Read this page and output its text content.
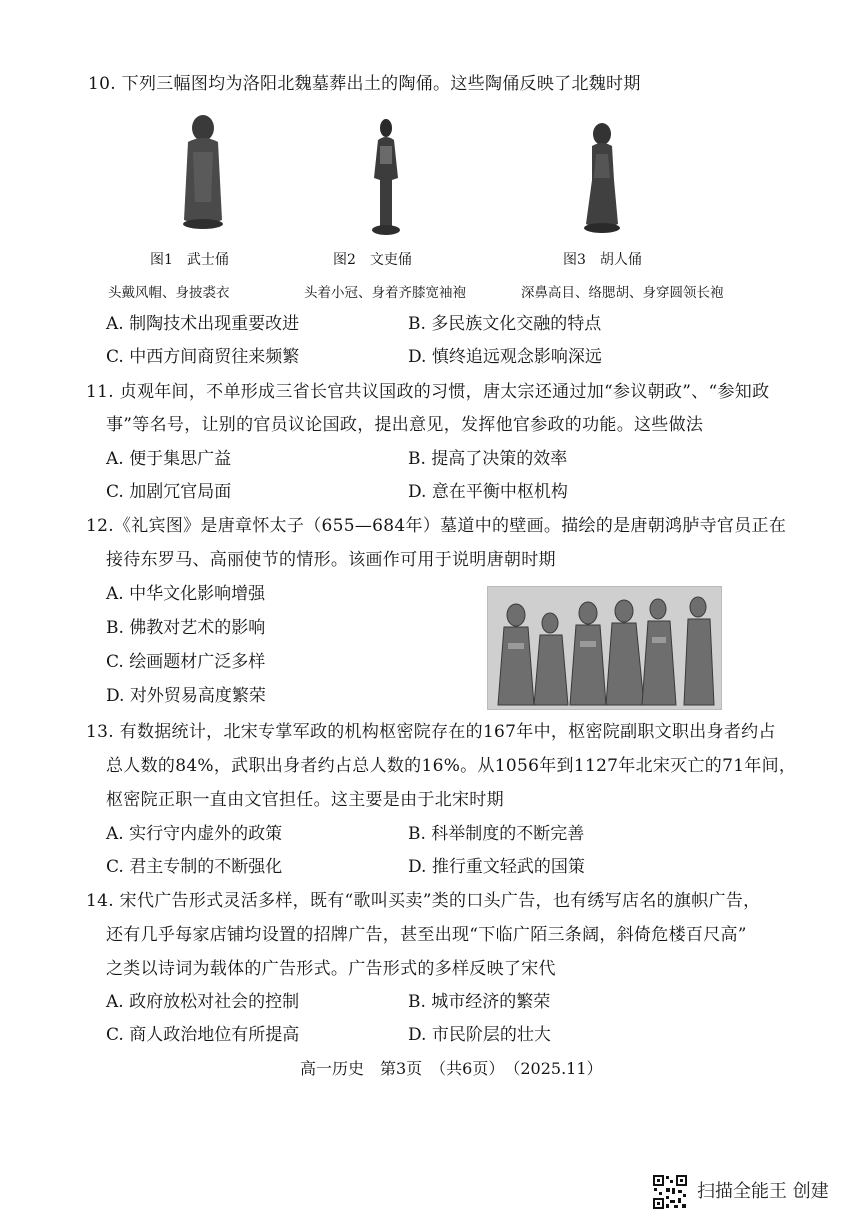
10. 下列三幅图均为洛阳北魏墓葬出土的陶俑。这些陶俑反映了北魏时期
图1　武士俑	图2　文吏俑	图3　胡人俑
头戴风帽、身披裘衣	头着小冠、身着齐膝宽袖袍	深鼻高目、络腮胡、身穿圆领长袍
A. 制陶技术出现重要改进	B. 多民族文化交融的特点
C. 中西方间商贸往来频繁	D. 慎终追远观念影响深远
11. 贞观年间，不单形成三省长官共议国政的习惯，唐太宗还通过加“参议朝政”、“参知政
事”等名号，让别的官员议论国政，提出意见，发挥他官参政的功能。这些做法
A. 便于集思广益	B. 提高了决策的效率
C. 加剧冗官局面	D. 意在平衡中枢机构
12.《礼宾图》是唐章怀太子（655—684年）墓道中的壁画。描绘的是唐朝鸿胪寺官员正在
接待东罗马、高丽使节的情形。该画作可用于说明唐朝时期
A. 中华文化影响增强
B. 佛教对艺术的影响
C. 绘画题材广泛多样
D. 对外贸易高度繁荣
13. 有数据统计，北宋专掌军政的机构枢密院存在的167年中，枢密院副职文职出身者约占
总人数的84%，武职出身者约占总人数的16%。从1056年到1127年北宋灭亡的71年间，
枢密院正职一直由文官担任。这主要是由于北宋时期
A. 实行守内虚外的政策	B. 科举制度的不断完善
C. 君主专制的不断强化	D. 推行重文轻武的国策
14. 宋代广告形式灵活多样，既有“歌叫买卖”类的口头广告，也有绣写店名的旗帜广告，
还有几乎每家店铺均设置的招牌广告，甚至出现“下临广陌三条阔，斜倚危楼百尺高”
之类以诗词为载体的广告形式。广告形式的多样反映了宋代
A. 政府放松对社会的控制	B. 城市经济的繁荣
C. 商人政治地位有所提高	D. 市民阶层的壮大
高一历史　第3页　（共6页）　（2025.11）
扫描全能王 创建
